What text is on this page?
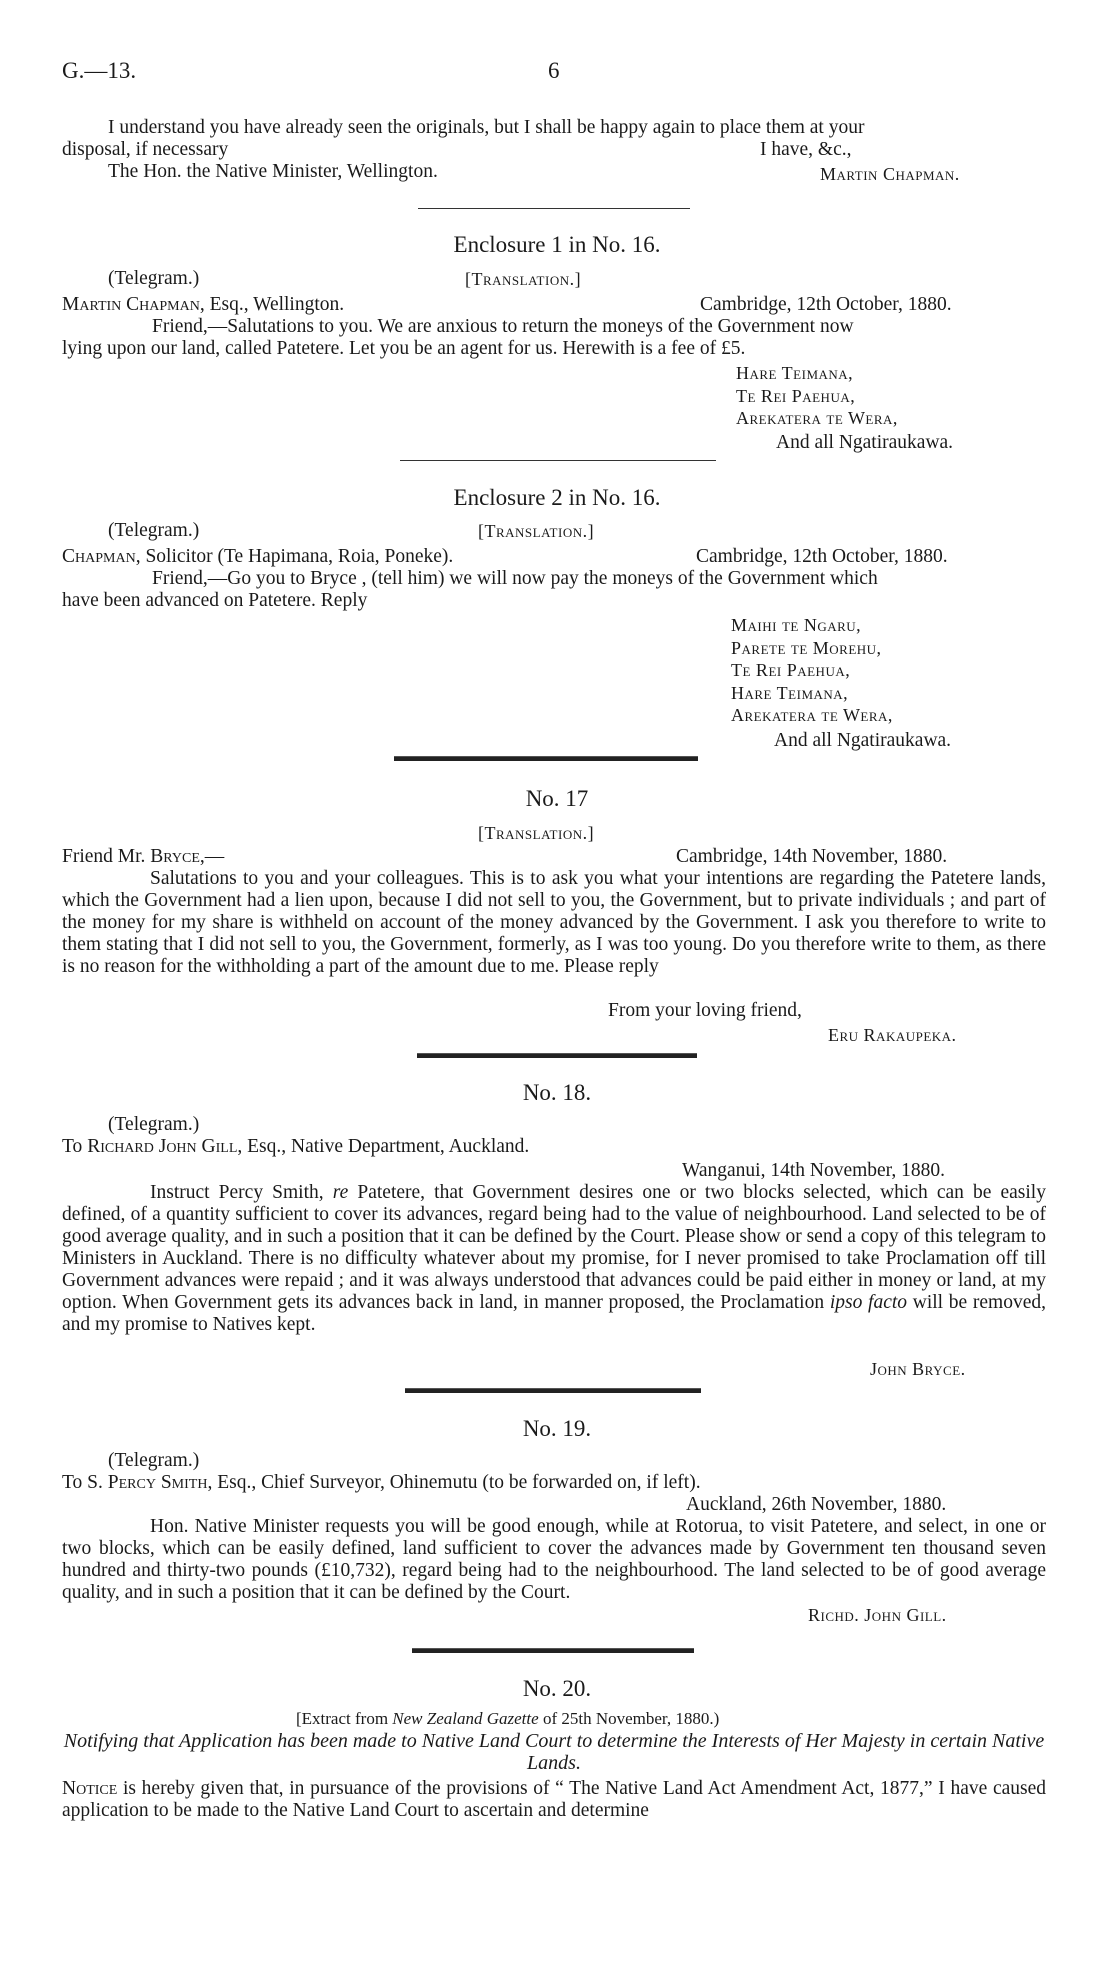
G.—13.	6
I understand you have already seen the originals, but I shall be happy again to place them at your
disposal, if necessary	I have, &c.,
The Hon. the Native Minister, Wellington.	Martin Chapman.
Enclosure 1 in No. 16.
(Telegram.)	[Translation.]
Martin Chapman, Esq., Wellington.	Cambridge, 12th October, 1880.
Friend,—Salutations to you. We are anxious to return the moneys of the Government now
lying upon our land, called Patetere. Let you be an agent for us. Herewith is a fee of £5.
Hare Teimana,
Te Rei Paehua,
Arekatera te Wera,
And all Ngatiraukawa.
Enclosure 2 in No. 16.
(Telegram.)	[Translation.]
Chapman, Solicitor (Te Hapimana, Roia, Poneke).	Cambridge, 12th October, 1880.
Friend,—Go you to Bryce , (tell him) we will now pay the moneys of the Government which
have been advanced on Patetere. Reply
Maihi te Ngaru,
Parete te Morehu,
Te Rei Paehua,
Hare Teimana,
Arekatera te Wera,
And all Ngatiraukawa.
No. 17
[Translation.]
Friend Mr. Bryce,—	Cambridge, 14th November, 1880.

Salutations to you and your colleagues. This is to ask you what your intentions are regarding the Patetere lands, which the Government had a lien upon, because I did not sell to you, the Government, but to private individuals ; and part of the money for my share is withheld on account of the money advanced by the Government. I ask you therefore to write to them stating that I did not sell to you, the Government, formerly, as I was too young. Do you therefore write to them, as there is no reason for the withholding a part of the amount due to me. Please reply

From your loving friend,
Eru Rakaupeka.
No. 18.
(Telegram.)
To Richard John Gill, Esq., Native Department, Auckland.
Wanganui, 14th November, 1880.

Instruct Percy Smith, re Patetere, that Government desires one or two blocks selected, which can be easily defined, of a quantity sufficient to cover its advances, regard being had to the value of neighbourhood. Land selected to be of good average quality, and in such a position that it can be defined by the Court. Please show or send a copy of this telegram to Ministers in Auckland. There is no difficulty whatever about my promise, for I never promised to take Proclamation off till Government advances were repaid ; and it was always understood that advances could be paid either in money or land, at my option. When Government gets its advances back in land, in manner proposed, the Proclamation ipso facto will be removed, and my promise to Natives kept.

John Bryce.
No. 19.
(Telegram.)
To S. Percy Smith, Esq., Chief Surveyor, Ohinemutu (to be forwarded on, if left).
Auckland, 26th November, 1880.

Hon. Native Minister requests you will be good enough, while at Rotorua, to visit Patetere, and select, in one or two blocks, which can be easily defined, land sufficient to cover the advances made by Government ten thousand seven hundred and thirty-two pounds (£10,732), regard being had to the neighbourhood. The land selected to be of good average quality, and in such a position that it can be defined by the Court.

Richd. John Gill.
No. 20.
[Extract from New Zealand Gazette of 25th November, 1880.)
Notifying that Application has been made to Native Land Court to determine the Interests of Her Majesty in certain Native Lands.

Notice is hereby given that, in pursuance of the provisions of “ The Native Land Act Amendment Act, 1877,” I have caused application to be made to the Native Land Court to ascertain and determine
